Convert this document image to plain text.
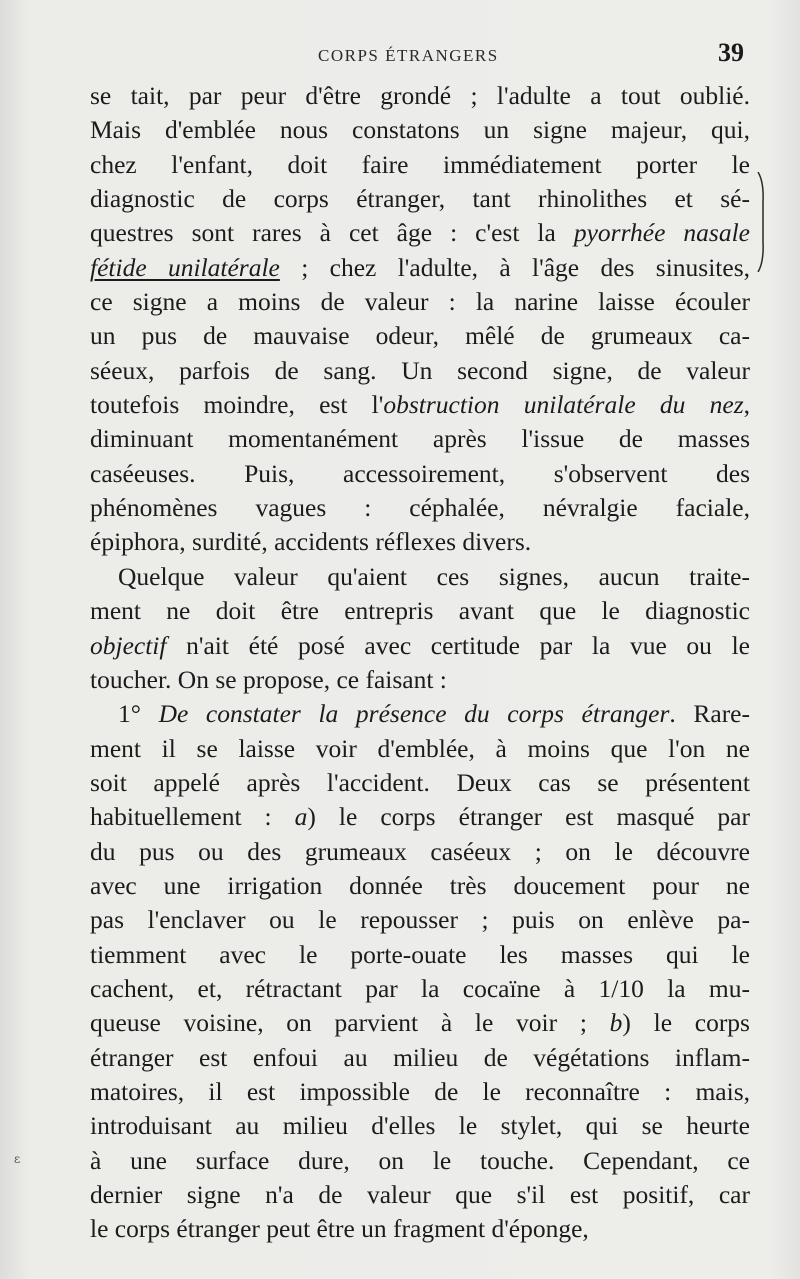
CORPS ÉTRANGERS	39
se tait, par peur d'être grondé ; l'adulte a tout oublié.
Mais d'emblée nous constatons un signe majeur, qui,
chez l'enfant, doit faire immédiatement porter le
diagnostic de corps étranger, tant rhinolithes et sé-
questres sont rares à cet âge : c'est la pyorrhée nasale
fétide unilatérale ; chez l'adulte, à l'âge des sinusites,
ce signe a moins de valeur : la narine laisse écouler
un pus de mauvaise odeur, mêlé de grumeaux ca-
séeux, parfois de sang. Un second signe, de valeur
toutefois moindre, est l'obstruction unilatérale du nez,
diminuant momentanément après l'issue de masses
caséeuses. Puis, accessoirement, s'observent des
phénomènes vagues : céphalée, névralgie faciale,
épiphora, surdité, accidents réflexes divers.
Quelque valeur qu'aient ces signes, aucun traite-
ment ne doit être entrepris avant que le diagnostic
objectif n'ait été posé avec certitude par la vue ou le
toucher. On se propose, ce faisant :
1° De constater la présence du corps étranger. Rare-
ment il se laisse voir d'emblée, à moins que l'on ne
soit appelé après l'accident. Deux cas se présentent
habituellement : a) le corps étranger est masqué par
du pus ou des grumeaux caséeux ; on le découvre
avec une irrigation donnée très doucement pour ne
pas l'enclaver ou le repousser ; puis on enlève pa-
tiemment avec le porte-ouate les masses qui le
cachent, et, rétractant par la cocaïne à 1/10 la mu-
queuse voisine, on parvient à le voir ; b) le corps
étranger est enfoui au milieu de végétations inflam-
matoires, il est impossible de le reconnaître : mais,
introduisant au milieu d'elles le stylet, qui se heurte
à une surface dure, on le touche. Cependant, ce
dernier signe n'a de valeur que s'il est positif, car
le corps étranger peut être un fragment d'éponge,
ɛ
